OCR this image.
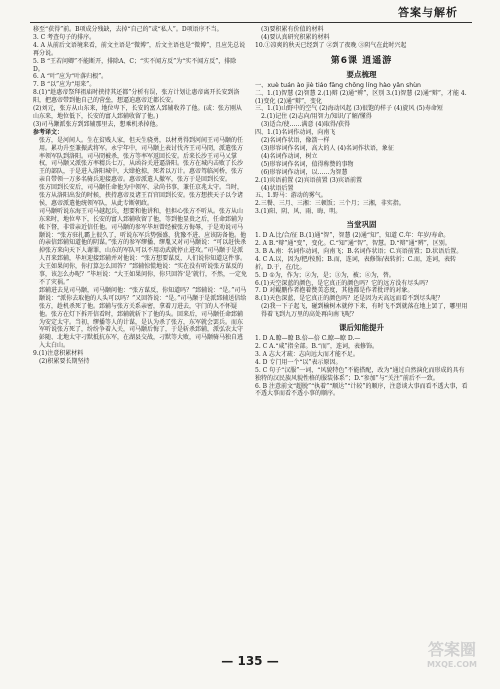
答案与解析

移至“获得”前。B项成分残缺，去掉“自己的”或“私人”。D项语序不当。

3. C 考查句子的排序。

4. A 从前后文语境来看，前文主语是“微博”，后文主语也是“微博”，且应先总说再分说。

5. B “王若问卿”不能断开，排除A、C；“实不闻方反”为“实不闻方反”，排除D。

6. A “叶”应为“叶落归根”。

7. B “以”应为“用来”。

8.(1)“趁惠帝祭拜祖庙时挟持其还都”分析有误，张方计划让惠帝离开长安到洛阳，把惠帝带到他自己的营垒，想逼迫惠帝迁都长安。

(2)刘元，张方从山东来，地位卑下，长安的富人郅辅收养了他。(或：张方刚从山东来，地位低下，长安的富人郅辅收留了他。)

(3)司马颙派张方到郅辅那里去，想乘机杀掉他。

参考译文：

张方，是河间人。生在贫贱人家，但天生骁勇，以材勇得到河间王司马颙的任用。累功升至兼振武将军。永宁年中，司马颙上表讨伐齐王司马冏，派遣张方率领军队到洛阳。司马冏被杀，张方等率军返回长安。后来长沙王司马乂掌权，司马颙又派张方率精兵七万，从函谷关进逼洛阳。张方在城内击败了长沙王的部队，于是进入洛阳城中，大肆抢掠，死者以万计。惠帝驾临河桥，张方亲自带领一万多名骑兵迎接惠帝。惠帝派遣人撤军，张方于是回到长安。

张方回到长安后，司马颙任命他为中领军、录尚书事，兼任京兆太守。当时，张方从洛阳出发的时候，挟持惠帝及诸王百官回到长安。张方想挟天子以令诸侯，惠帝派遣他统领军队，从此专断朝政。

司马颙听说东海王司马越起兵，想要和他讲和，但担心张方不听从。张方从山东来时，地位卑下，长安的富人郅辅收留了他，等到他显贵之后，任命郅辅为帐下督，非常亲近信任他。司马颙的参军毕垣曾经被张方侮辱，于是劝说司马颙说：“张方驻扎霸上很久了，听说东军兵势强盛，犹豫不进，应该防备他。他的亲信郅辅知道他的阴谋。”张方的参军缪播、缪胤又对司马颙说：“可以赶快杀掉张方来向天下人谢罪，山东的军队可以不用动武就停止进攻。”司马颙于是派人召来郅辅，毕垣迎接郅辅并对他说：“张方想要谋反，人们说你知道这件事。大王如果问你，你打算怎么回答？”郅辅惊慌地说：“实在没有听说张方谋反的事，该怎么办呢？”毕垣说：“大王如果问你，你只回答‘是’就行，不然，一定免不了灾祸。”

郅辅进去见司马颙，司马颙问他：“张方谋反，你知道吗？”郅辅说：“是。”司马颙说：“派你去取他的人头可以吗？”又回答说：“是。”司马颙于是派郅辅送信给张方，趁机杀死了他。郅辅与张方关系亲密，拿着刀进去，守门的人不怀疑他。张方在灯下拆开信看时，郅辅就斩下了他的头。回来后，司马颙任命郅辅为安定太守。当初，缪播等人的计谋，是认为杀了张方，东军就会罢兵。而东军听说张方死了，纷纷争着入关，司马颙后悔了，于是斩杀郅辅，派弘农太守彭随、北地太守刁默抵抗东军，在湖县交战，刁默等大败，司马颙骑马独自逃入太白山。

9.(1)注意积累材料

(2)积累要长期坚持

(3)要积累有价值的材料

(4)要认真研究积累的材料

10.①凉爽的秋天已经到了 ②到了夜晚 ③阴气在此时兴起

第6课 逍遥游

要点梳理

一、xuè tuán ào jiè tiáo fāng chōng líng hào yǎn shùn

二、1.(1)智慧 (2)智慧 2.(1)辩 (2)通“辨”，区别 3.(1)智慧 (2)通“辩”，才能 4.(1)变化 (2)通“辩”，变化

三、1.(1)山野中的空气 (2)海动风起 (3)很饱的样子 (4)旋风 (5)寿命短

2.(1)记住 (2)志向/用智力/知识/了解/懂得

(3)适合/使……满意 (4)取得/获得

四、1.(1)名词作动词，向南飞

(2)名词作状语，像箭一样

(3)形容词作名词，高大的人 (4)名词作状语，象征

(4)名词作动词，树立

(5)形容词作名词，值得称赞的事物

(6)形容词作动词，以……为智慧

2.(1)宾语前置 (2)宾语前置 (3)宾语前置

(4)状语后置

五、1.野马：游动的雾气。

2.三餐、三月、三湘：三顿饭；三个月；三湘，非实指。

3.(1)阳、阴、风、雨、晦、明。

当堂巩固

1. D A.比/合/征 B.(1)通“智”，智慧 (2)通“知”，知道 C.年：年岁/寿命。

2. A B.“辩”通“变”，变化。C.“知”通“智”，智慧。D.“辩”通“辨”，区别。

3. B A.南：名词作动词，向南飞；B.名词作状语；C.宾语前置；D.状语后置。

4. C A.以，因为/把/按照；B.而，连词，表修饰/表转折；C.而，连词，表转折。D.于，在/比。

5. D ①为，作为；②为，是；③为，被；④为，替。

6.(1)天空深蓝的颜色，是它真正的颜色吗？它的远方没有尽头吗？

7. D 对鲲鹏作者抱着赞美态度，其他都是作者批评的对象。

8.(1)天色深蓝，是它真正的颜色吗？还是因为天高远而看不到尽头呢？

(2)我一下子起飞，碰到榆树木就停下来，有时飞不到就落在地上罢了，哪里用得着飞到九万里的高处再向南飞呢？

课后知能提升

1. D A.瞭—瞭 B.倍—倍 C.瞭—瞭 D.—

2. C A.“咸”指全部。B.“而”，连词，表修饰。

3. A 志大才疏：志向远大而才能不足。

4. D 专门用一个“以”表示原因。

5. C 句子“汉服”一词，“风貌特色”不能搭配，改为“通过自然演化而形成的具有独特的汉民族风貌性格的服装体系”；D.“参加”与“关注”前后不一致。

6. B 注意前文“超脱”“执着”“顺达”“计较”的顺序，注意谈大事而看不透大事，看不透大事而看不透小事的顺序。

— 135 —
答案圈
MXQE.COM
